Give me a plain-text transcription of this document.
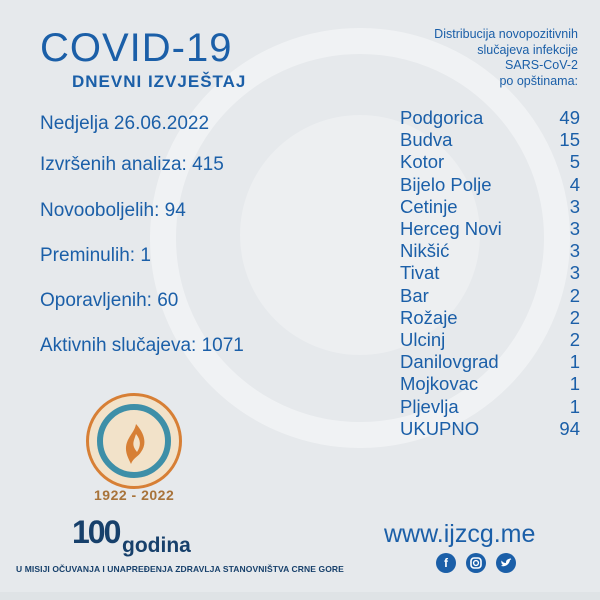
COVID-19
DNEVNI IZVJEŠTAJ
Nedjelja 26.06.2022
Izvršenih analiza: 415
Novooboljelih: 94
Preminulih: 1
Oporavljenih: 60
Aktivnih slučajeva: 1071
Distribucija novopozitivnih
slučajeva infekcije
SARS-CoV-2
po opštinama:
Podgorica	49
Budva	15
Kotor	5
Bijelo Polje	4
Cetinje	3
Herceg Novi	3
Nikšić	3
Tivat	3
Bar	2
Rožaje	2
Ulcinj	2
Danilovgrad	1
Mojkovac	1
Pljevlja	1
UKUPNO	94
1922 - 2022
100 godina
U MISIJI OČUVANJA I UNAPREĐENJA ZDRAVLJA STANOVNIŠTVA CRNE GORE
www.ijzcg.me
f
